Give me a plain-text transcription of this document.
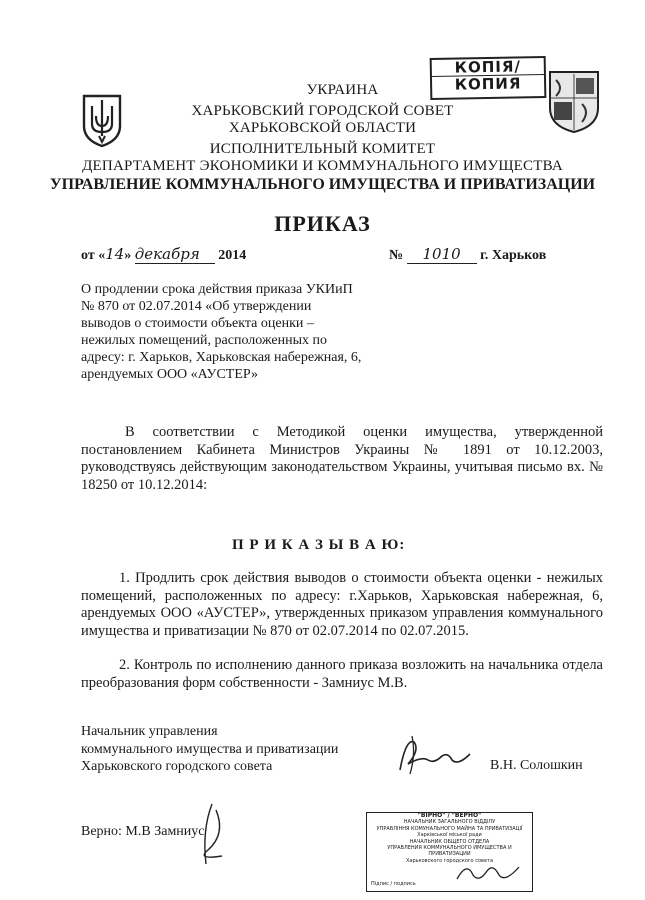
КОПІЯ/
КОПИЯ
УКРАИНА
ХАРЬКОВСКИЙ ГОРОДСКОЙ СОВЕТ
ХАРЬКОВСКОЙ ОБЛАСТИ
ИСПОЛНИТЕЛЬНЫЙ КОМИТЕТ
ДЕПАРТАМЕНТ ЭКОНОМИКИ И КОММУНАЛЬНОГО ИМУЩЕСТВА
УПРАВЛЕНИЕ КОММУНАЛЬНОГО ИМУЩЕСТВА И ПРИВАТИЗАЦИИ
ПРИКАЗ
от «14» декабря 2014	№ 1010 г. Харьков
О продлении срока действия приказа УКИиП
№ 870 от 02.07.2014 «Об утверждении
выводов о стоимости объекта оценки –
нежилых помещений, расположенных по
адресу: г. Харьков, Харьковская набережная, 6,
арендуемых ООО «АУСТЕР»
В соответствии с Методикой оценки имущества, утвержденной постановлением Кабинета Министров Украины № 1891 от 10.12.2003, руководствуясь действующим законодательством Украины, учитывая письмо вх. № 18250 от 10.12.2014:
П Р И К А З Ы В А Ю:
1. Продлить срок действия выводов о стоимости объекта оценки - нежилых помещений, расположенных по адресу: г.Харьков, Харьковская набережная, 6, арендуемых ООО «АУСТЕР», утвержденных приказом управления коммунального имущества и приватизации № 870 от 02.07.2014 по 02.07.2015.
2. Контроль по исполнению данного приказа возложить на начальника отдела преобразования форм собственности - Замниус М.В.
Начальник управления
коммунального имущества и приватизации
Харьковского городского совета	В.Н. Солошкин
Верно: М.В Замниус
"ВІРНО" / "ВЕРНО"
НАЧАЛЬНИК ЗАГАЛЬНОГО ВІДДІЛУ
УПРАВЛІННЯ КОМУНАЛЬНОГО МАЙНА ТА ПРИВАТИЗАЦІЇ
Харківської міської ради
НАЧАЛЬНИК ОБЩЕГО ОТДЕЛА
УПРАВЛЕНИЯ КОММУНАЛЬНОГО ИМУЩЕСТВА И ПРИВАТИЗАЦИИ
Харьковского городского совета
Підпис / подпись
